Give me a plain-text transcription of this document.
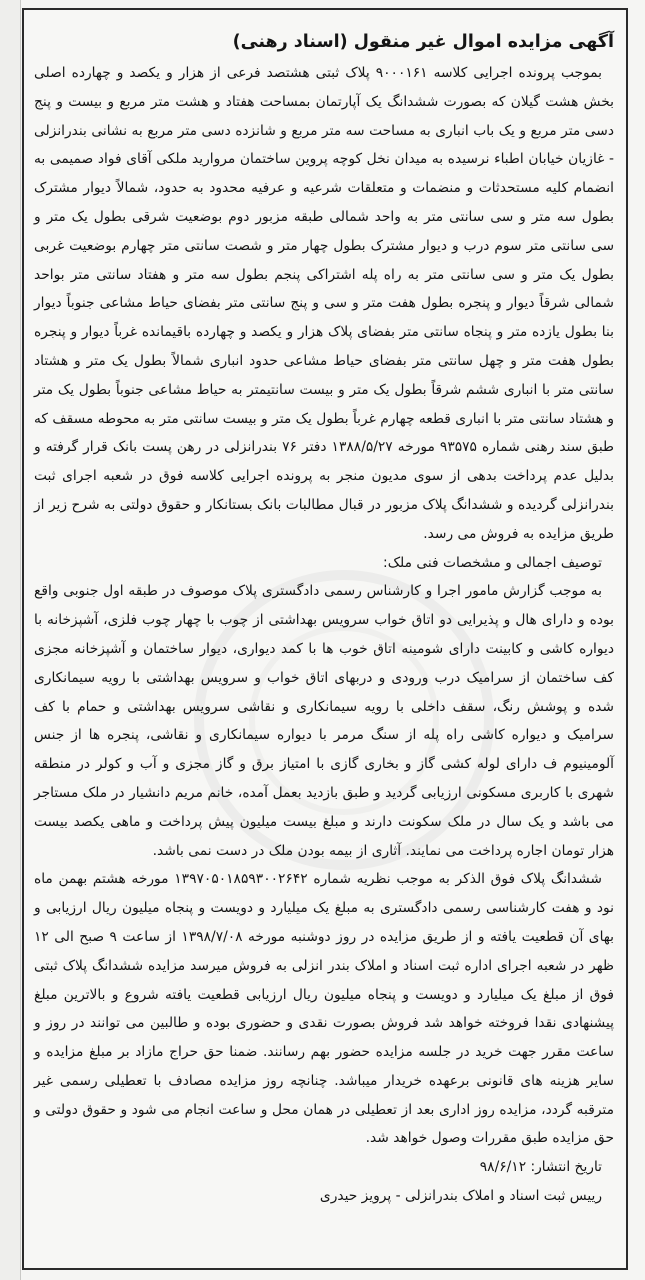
آگهی مزایده اموال غیر منقول (اسناد رهنی)

بموجب پرونده اجرایی کلاسه ۹۰۰۰۱۶۱ پلاک ثبتی هشتصد فرعی از هزار و یکصد و چهارده اصلی بخش هشت گیلان که بصورت ششدانگ یک آپارتمان بمساحت هفتاد و هشت متر مربع و بیست و پنج دسی متر مربع و یک باب انباری به مساحت سه متر مربع و شانزده دسی متر مربع به نشانی بندرانزلی - غازیان خیابان اطباء نرسیده به میدان نخل کوچه پروین ساختمان مروارید ملکی آقای فواد صمیمی به انضمام کلیه مستحدثات و منضمات و متعلقات شرعیه و عرفیه محدود به حدود، شمالاً دیوار مشترک بطول سه متر و سی سانتی متر به واحد شمالی طبقه مزبور دوم بوضعیت شرقی بطول یک متر و سی سانتی متر سوم درب و دیوار مشترک بطول چهار متر و شصت سانتی متر چهارم بوضعیت غربی بطول یک متر و سی سانتی متر به راه پله اشتراکی پنجم بطول سه متر و هفتاد سانتی متر بواحد شمالی شرقاً دیوار و پنجره بطول هفت متر و سی و پنج سانتی متر بفضای حیاط مشاعی جنوباً دیوار بنا بطول یازده متر و پنجاه سانتی متر بفضای پلاک هزار و یکصد و چهارده باقیمانده غرباً دیوار و پنجره بطول هفت متر و چهل سانتی متر بفضای حیاط مشاعی حدود انباری شمالاً بطول یک متر و هشتاد سانتی متر با انباری ششم شرقاً بطول یک متر و بیست سانتیمتر به حیاط مشاعی جنوباً بطول یک متر و هشتاد سانتی متر با انباری قطعه چهارم غرباً بطول یک متر و بیست سانتی متر به محوطه مسقف که طبق سند رهنی شماره ۹۳۵۷۵ مورخه ۱۳۸۸/۵/۲۷ دفتر ۷۶ بندرانزلی در رهن پست بانک قرار گرفته و بدلیل عدم پرداخت بدهی از سوی مدیون منجر به پرونده اجرایی کلاسه فوق در شعبه اجرای ثبت بندرانزلی گردیده و ششدانگ پلاک مزبور در قبال مطالبات بانک بستانکار و حقوق دولتی به شرح زیر از طریق مزایده به فروش می رسد.

توصیف اجمالی و مشخصات فنی ملک:

به موجب گزارش مامور اجرا و کارشناس رسمی دادگستری پلاک موصوف در طبقه اول جنوبی واقع بوده و دارای هال و پذیرایی دو اتاق خواب سرویس بهداشتی از چوب با چهار چوب فلزی، آشپزخانه با دیواره کاشی و کابینت دارای شومینه اتاق خوب ها با کمد دیواری، دیوار ساختمان و آشپزخانه مجزی کف ساختمان از سرامیک درب ورودی و دربهای اتاق خواب و سرویس بهداشتی با رویه سیمانکاری شده و پوشش رنگ، سقف داخلی با رویه سیمانکاری و نقاشی سرویس بهداشتی و حمام با کف سرامیک و دیواره کاشی راه پله از سنگ مرمر با دیواره سیمانکاری و نقاشی، پنجره ها از جنس آلومینیوم ف دارای لوله کشی گاز و بخاری گازی با امتیاز برق و گاز مجزی و آب و کولر در منطقه شهری با کاربری مسکونی ارزیابی گردید و طبق بازدید بعمل آمده، خانم مریم دانشیار در ملک مستاجر می باشد و یک سال در ملک سکونت دارند و مبلغ بیست میلیون پیش پرداخت و ماهی یکصد بیست هزار تومان اجاره پرداخت می نمایند. آثاری از بیمه بودن ملک در دست نمی باشد.

ششدانگ پلاک فوق الذکر به موجب نظریه شماره ۱۳۹۷۰۵۰۱۸۵۹۳۰۰۲۶۴۲ مورخه هشتم بهمن ماه نود و هفت کارشناسی رسمی دادگستری به مبلغ یک میلیارد و دویست و پنجاه میلیون ریال ارزیابی و بهای آن قطعیت یافته و از طریق مزایده در روز دوشنبه مورخه ۱۳۹۸/۷/۰۸ از ساعت ۹ صبح الی ۱۲ ظهر در شعبه اجرای اداره ثبت اسناد و املاک بندر انزلی به فروش میرسد مزایده ششدانگ پلاک ثبتی فوق از مبلغ یک میلیارد و دویست و پنجاه میلیون ریال ارزیابی قطعیت یافته شروع و بالاترین مبلغ پیشنهادی نقدا فروخته خواهد شد فروش بصورت نقدی و حضوری بوده و طالبین می توانند در روز و ساعت مقرر جهت خرید در جلسه مزایده حضور بهم رسانند. ضمنا حق حراج مازاد بر مبلغ مزایده و سایر هزینه های قانونی برعهده خریدار میباشد. چنانچه روز مزایده مصادف با تعطیلی رسمی غیر مترقبه گردد، مزایده روز اداری بعد از تعطیلی در همان محل و ساعت انجام می شود و حقوق دولتی و حق مزایده طبق مقررات وصول خواهد شد.

تاریخ انتشار: ۹۸/۶/۱۲

رییس ثبت اسناد و املاک بندرانزلی - پرویز حیدری
